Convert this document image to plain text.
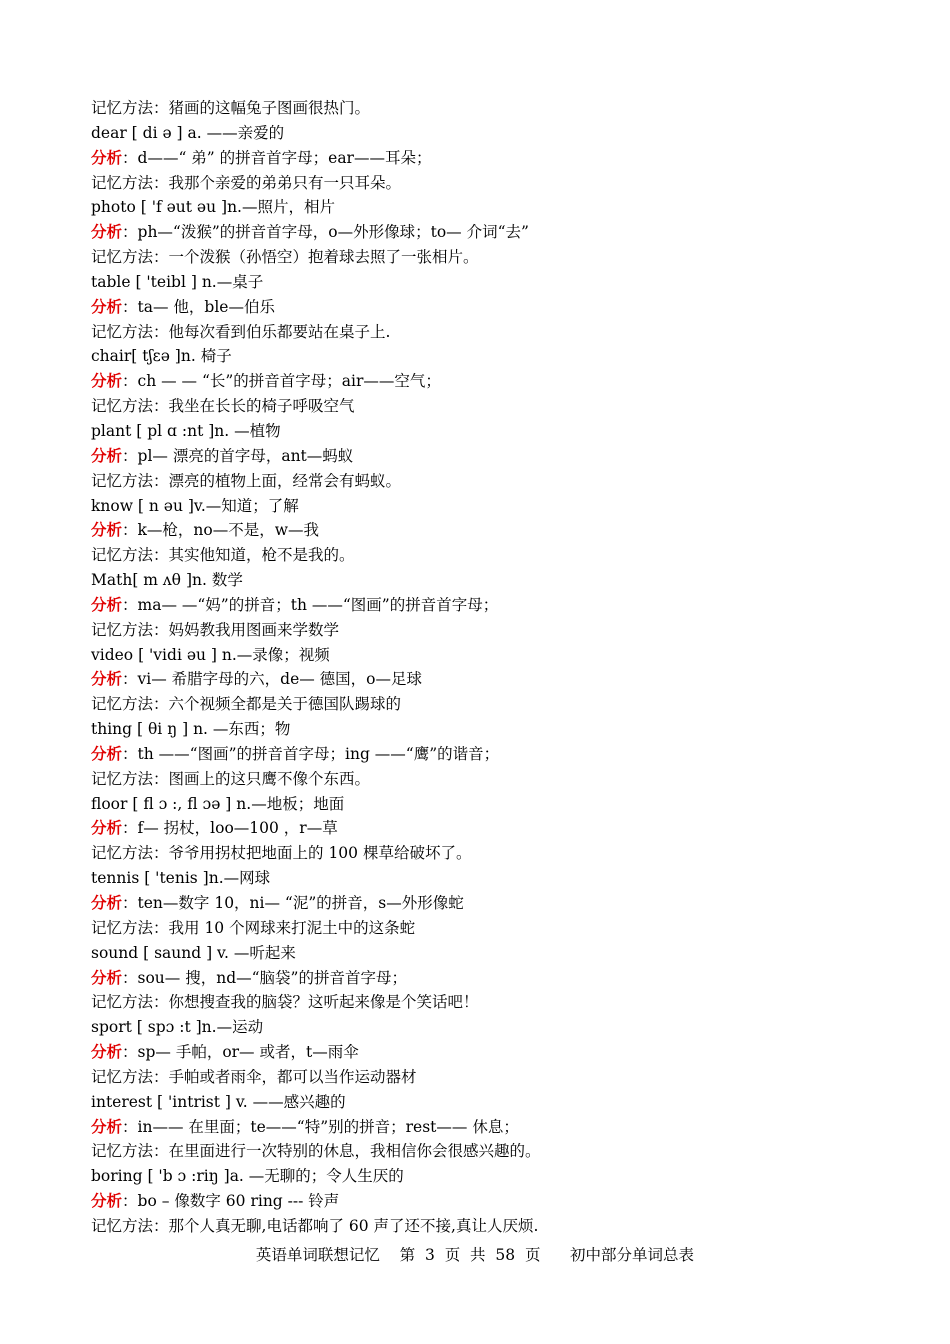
记忆方法：猪画的这幅兔子图画很热门。
dear [ di ə ] a. ——亲爱的
分析：d——“ 弟” 的拼音首字母；ear——耳朵；
记忆方法：我那个亲爱的弟弟只有一只耳朵。
photo [ 'f əut əu ]n.—照片，相片
分析：ph—“泼猴”的拼音首字母，o—外形像球；to— 介词“去”
记忆方法：一个泼猴（孙悟空）抱着球去照了一张相片。
table [ 'teibl ] n.—桌子
分析：ta— 他，ble—伯乐
记忆方法：他每次看到伯乐都要站在桌子上.
chair[ tʃεə ]n. 椅子
分析：ch — — “长”的拼音首字母；air——空气；
记忆方法：我坐在长长的椅子呼吸空气
plant [ pl ɑ :nt ]n. —植物
分析：pl— 漂亮的首字母，ant—蚂蚁
记忆方法：漂亮的植物上面，经常会有蚂蚁。
know [ n əu ]v.—知道；了解
分析：k—枪，no—不是，w—我
记忆方法：其实他知道，枪不是我的。
Math[ m ʌθ ]n. 数学
分析：ma— —“妈”的拼音；th ——“图画”的拼音首字母；
记忆方法：妈妈教我用图画来学数学
video [ 'vidi əu ] n.—录像；视频
分析：vi— 希腊字母的六，de— 德国，o—足球
记忆方法：六个视频全都是关于德国队踢球的
thing [ θi ŋ ] n. —东西；物
分析：th ——“图画”的拼音首字母；ing ——“鹰”的谐音；
记忆方法：图画上的这只鹰不像个东西。
floor [ fl ɔ :, fl ɔə ] n.—地板；地面
分析：f— 拐杖，loo—100 ，r—草
记忆方法：爷爷用拐杖把地面上的 100 棵草给破坏了。
tennis [ 'tenis ]n.—网球
分析：ten—数字 10，ni— “泥”的拼音，s—外形像蛇
记忆方法：我用 10 个网球来打泥土中的这条蛇
sound [ saund ] v. —听起来
分析：sou— 搜，nd—“脑袋”的拼音首字母；
记忆方法：你想搜查我的脑袋？这听起来像是个笑话吧！
sport [ spɔ :t ]n.—运动
分析：sp— 手帕，or— 或者，t—雨伞
记忆方法：手帕或者雨伞，都可以当作运动器材
interest [ 'intrist ] v. ——感兴趣的
分析：in—— 在里面；te——“特”别的拼音；rest—— 休息；
记忆方法：在里面进行一次特别的休息，我相信你会很感兴趣的。
boring [ 'b ɔ :riŋ ]a. —无聊的；令人生厌的
分析：bo – 像数字 60 ring --- 铃声
记忆方法：那个人真无聊,电话都响了 60 声了还不接,真让人厌烦.
英语单词联想记忆    第  3  页  共  58  页      初中部分单词总表
